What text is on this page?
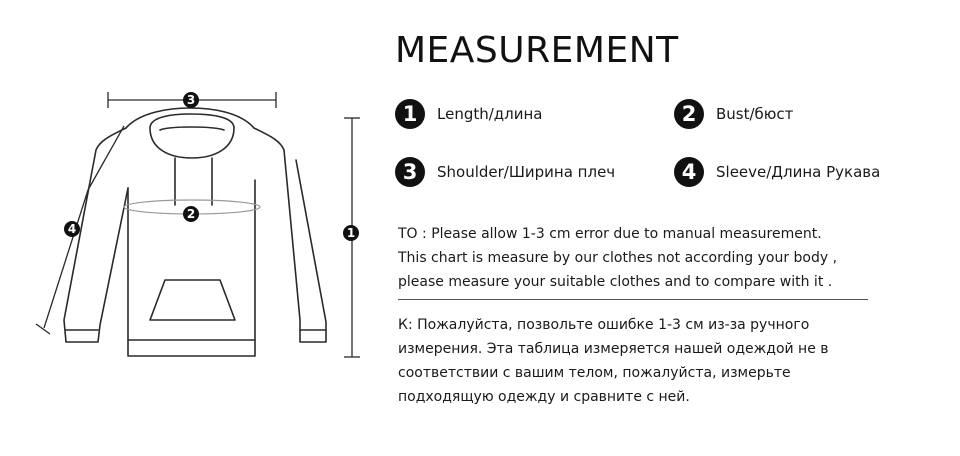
3
2
1
4
MEASUREMENT
1	Length/длина	2	Bust/бюст
3	Shoulder/Ширина плеч	4	Sleeve/Длина Рукава
TO : Please allow 1-3 cm error due to manual measurement.
This chart is measure by our clothes not according your body ,
please measure your suitable clothes and to compare with it .
К: Пожалуйста, позвольте ошибке 1-3 см из-за ручного
измерения. Эта таблица измеряется нашей одеждой не в
соответствии с вашим телом, пожалуйста, измерьте
подходящую одежду и сравните с ней.
